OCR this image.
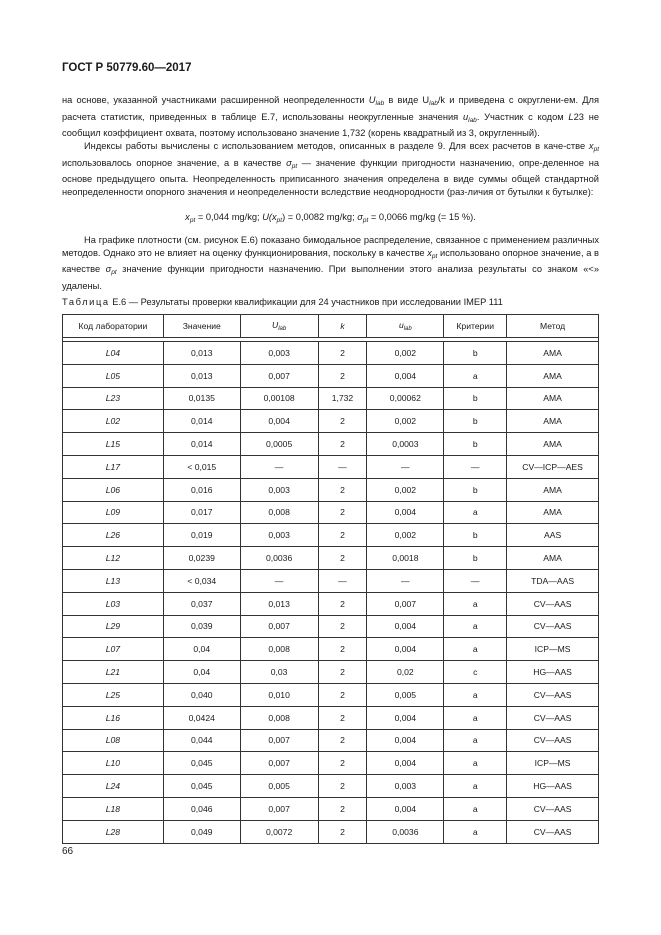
ГОСТ Р 50779.60—2017

на основе, указанной участниками расширенной неопределенности $U_{lab}$ в виде $U_{lab}/k$ и приведена с округлени-ем. Для расчета статистик, приведенных в таблице Е.7, использованы неокругленные значения $u_{lab}$. Участник с кодом L23 не сообщил коэффициент охвата, поэтому использовано значение 1,732 (корень квадратный из 3, округленный).

Индексы работы вычислены с использованием методов, описанных в разделе 9. Для всех расчетов в каче-стве $x_{pt}$ использовалось опорное значение, а в качестве $\sigma_{pt}$ — значение функции пригодности назначению, опре-деленное на основе предыдущего опыта. Неопределенность приписанного значения определена в виде суммы общей стандартной неопределенности опорного значения и неопределенности вследствие неоднородности (раз-личия от бутылки к бутылке):

$x_{pt} = 0,044$ mg/kg; $U(x_{pt}) = 0,0082$ mg/kg; $\sigma_{pt} = 0,0066$ mg/kg (= 15 %).

На графике плотности (см. рисунок Е.6) показано бимодальное распределение, связанное с применением различных методов. Однако это не влияет на оценку функционирования, поскольку в качестве $x_{pt}$ использовано опорное значение, а в качестве $\sigma_{pt}$ значение функции пригодности назначению. При выполнении этого анализа результаты со знаком «<» удалены.

Таблица Е.6 — Результаты проверки квалификации для 24 участников при исследовании IMEP 111
Код лаборатории	Значение	$U_{lab}$	k	$u_{lab}$	Критерии	Метод

L04	0,013	0,003	2	0,002	b	AMA
L05	0,013	0,007	2	0,004	a	AMA
L23	0,0135	0,00108	1,732	0,00062	b	AMA
L02	0,014	0,004	2	0,002	b	AMA
L15	0,014	0,0005	2	0,0003	b	AMA
L17	< 0,015	—	—	—	—	CV—ICP—AES
L06	0,016	0,003	2	0,002	b	AMA
L09	0,017	0,008	2	0,004	a	AMA
L26	0,019	0,003	2	0,002	b	AAS
L12	0,0239	0,0036	2	0,0018	b	AMA
L13	< 0,034	—	—	—	—	TDA—AAS
L03	0,037	0,013	2	0,007	a	CV—AAS
L29	0,039	0,007	2	0,004	a	CV—AAS
L07	0,04	0,008	2	0,004	a	ICP—MS
L21	0,04	0,03	2	0,02	c	HG—AAS
L25	0,040	0,010	2	0,005	a	CV—AAS
L16	0,0424	0,008	2	0,004	a	CV—AAS
L08	0,044	0,007	2	0,004	a	CV—AAS
L10	0,045	0,007	2	0,004	a	ICP—MS
L24	0,045	0,005	2	0,003	a	HG—AAS
L18	0,046	0,007	2	0,004	a	CV—AAS
L28	0,049	0,0072	2	0,0036	a	CV—AAS
66
